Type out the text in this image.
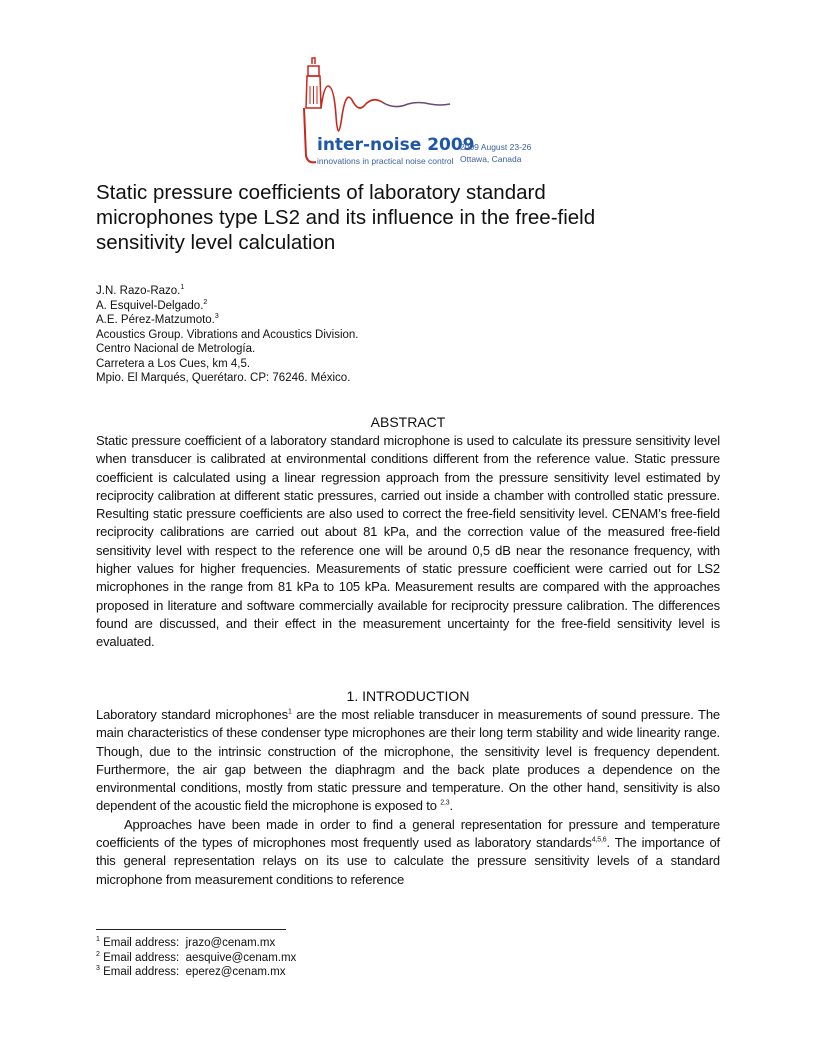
inter-noise 2009
innovations in practical noise control
2009 August 23-26
Ottawa, Canada
Static pressure coefficients of laboratory standard
microphones type LS2 and its influence in the free-field
sensitivity level calculation
J.N. Razo-Razo.$^1$
A. Esquivel-Delgado.$^2$
A.E. Pérez-Matzumoto.$^3$
Acoustics Group. Vibrations and Acoustics Division.
Centro Nacional de Metrología.
Carretera a Los Cues, km 4,5.
Mpio. El Marqués, Querétaro. CP: 76246. México.
ABSTRACT

Static pressure coefficient of a laboratory standard microphone is used to calculate its pressure sensitivity level when transducer is calibrated at environmental conditions different from the reference value. Static pressure coefficient is calculated using a linear regression approach from the pressure sensitivity level estimated by reciprocity calibration at different static pressures, carried out inside a chamber with controlled static pressure. Resulting static pressure coefficients are also used to correct the free-field sensitivity level. CENAM’s free-field reciprocity calibrations are carried out about 81 kPa, and the correction value of the measured free-field sensitivity level with respect to the reference one will be around 0,5 dB near the resonance frequency, with higher values for higher frequencies. Measurements of static pressure coefficient were carried out for LS2 microphones in the range from 81 kPa to 105 kPa. Measurement results are compared with the approaches proposed in literature and software commercially available for reciprocity pressure calibration. The differences found are discussed, and their effect in the measurement uncertainty for the free-field sensitivity level is evaluated.

1. INTRODUCTION

Laboratory standard microphones$^1$ are the most reliable transducer in measurements of sound pressure. The main characteristics of these condenser type microphones are their long term stability and wide linearity range. Though, due to the intrinsic construction of the microphone, the sensitivity level is frequency dependent. Furthermore, the air gap between the diaphragm and the back plate produces a dependence on the environmental conditions, mostly from static pressure and temperature. On the other hand, sensitivity is also dependent of the acoustic field the microphone is exposed to $^{2,3}$.

Approaches have been made in order to find a general representation for pressure and temperature coefficients of the types of microphones most frequently used as laboratory standards$^{4,5,6}$. The importance of this general representation relays on its use to calculate the pressure sensitivity levels of a standard microphone from measurement conditions to reference

$^1$ Email address: jrazo@cenam.mx
$^2$ Email address: aesquive@cenam.mx
$^3$ Email address: eperez@cenam.mx
